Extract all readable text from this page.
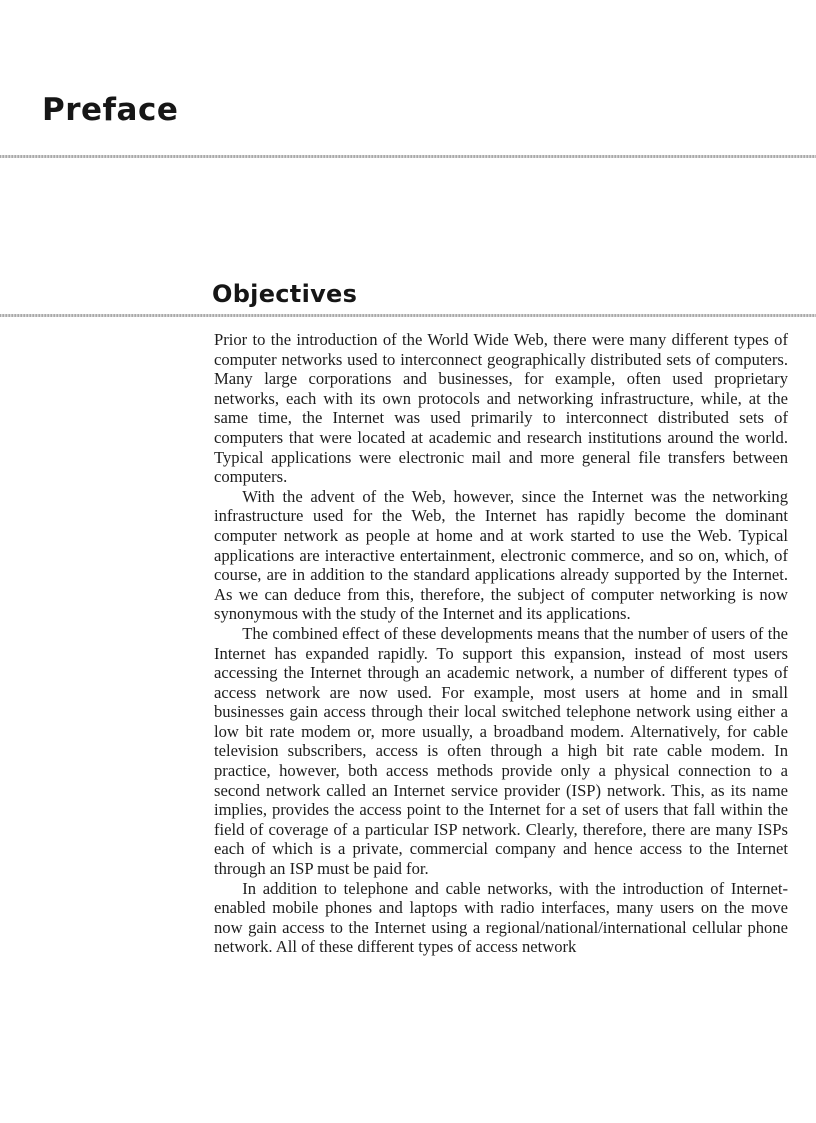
Preface
Objectives

Prior to the introduction of the World Wide Web, there were many different types of computer networks used to interconnect geographically distributed sets of computers. Many large corporations and businesses, for example, often used proprietary networks, each with its own protocols and networking infrastructure, while, at the same time, the Internet was used primarily to interconnect distributed sets of computers that were located at academic and research institutions around the world. Typical applications were electronic mail and more general file transfers between computers.

With the advent of the Web, however, since the Internet was the networking infrastructure used for the Web, the Internet has rapidly become the dominant computer network as people at home and at work started to use the Web. Typical applications are interactive entertainment, electronic commerce, and so on, which, of course, are in addition to the standard applications already supported by the Internet. As we can deduce from this, therefore, the subject of computer networking is now synonymous with the study of the Internet and its applications.

The combined effect of these developments means that the number of users of the Internet has expanded rapidly. To support this expansion, instead of most users accessing the Internet through an academic network, a number of different types of access network are now used. For example, most users at home and in small businesses gain access through their local switched telephone network using either a low bit rate modem or, more usually, a broadband modem. Alternatively, for cable television subscribers, access is often through a high bit rate cable modem. In practice, however, both access methods provide only a physical connection to a second network called an Internet service provider (ISP) network. This, as its name implies, provides the access point to the Internet for a set of users that fall within the field of coverage of a particular ISP network. Clearly, therefore, there are many ISPs each of which is a private, commercial company and hence access to the Internet through an ISP must be paid for.

In addition to telephone and cable networks, with the introduction of Internet-enabled mobile phones and laptops with radio interfaces, many users on the move now gain access to the Internet using a regional/national/international cellular phone network. All of these different types of access network
